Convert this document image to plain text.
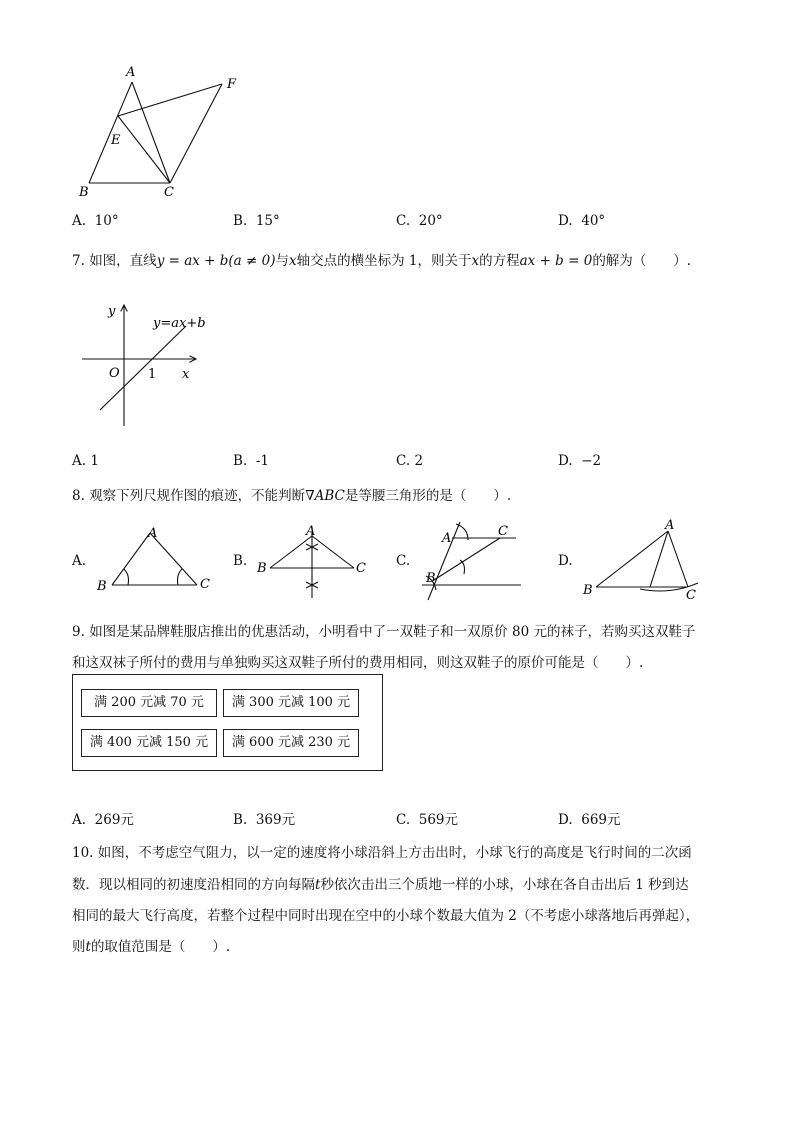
A
F
E
B	C
A. 10°	B. 15°	C. 20°	D. 40°
7. 如图，直线y = ax + b(a ≠ 0)与x轴交点的横坐标为 1，则关于x的方程ax + b = 0的解为（　　）.
y
y=ax+b
O 1 x
A. 1	B. -1	C. 2	D. −2
8. 观察下列尺规作图的痕迹，不能判断∇ABC是等腰三角形的是（　　）.
A.
A
B	C
B.
A
B	C C.
A	C
B
D.
A
B	C
9. 如图是某品牌鞋服店推出的优惠活动，小明看中了一双鞋子和一双原价 80 元的袜子，若购买这双鞋子
和这双袜子所付的费用与单独购买这双鞋子所付的费用相同，则这双鞋子的原价可能是（　　）.
满 200 元减 70 元	满 300 元减 100 元
满 400 元减 150 元	满 600 元减 230 元
A. 269元	B. 369元	C. 569元	D. 669元
10. 如图，不考虑空气阻力，以一定的速度将小球沿斜上方击出时，小球飞行的高度是飞行时间的二次函
数．现以相同的初速度沿相同的方向每隔t秒依次击出三个质地一样的小球，小球在各自击出后 1 秒到达
相同的最大飞行高度，若整个过程中同时出现在空中的小球个数最大值为 2（不考虑小球落地后再弹起），
则t的取值范围是（　　）.
